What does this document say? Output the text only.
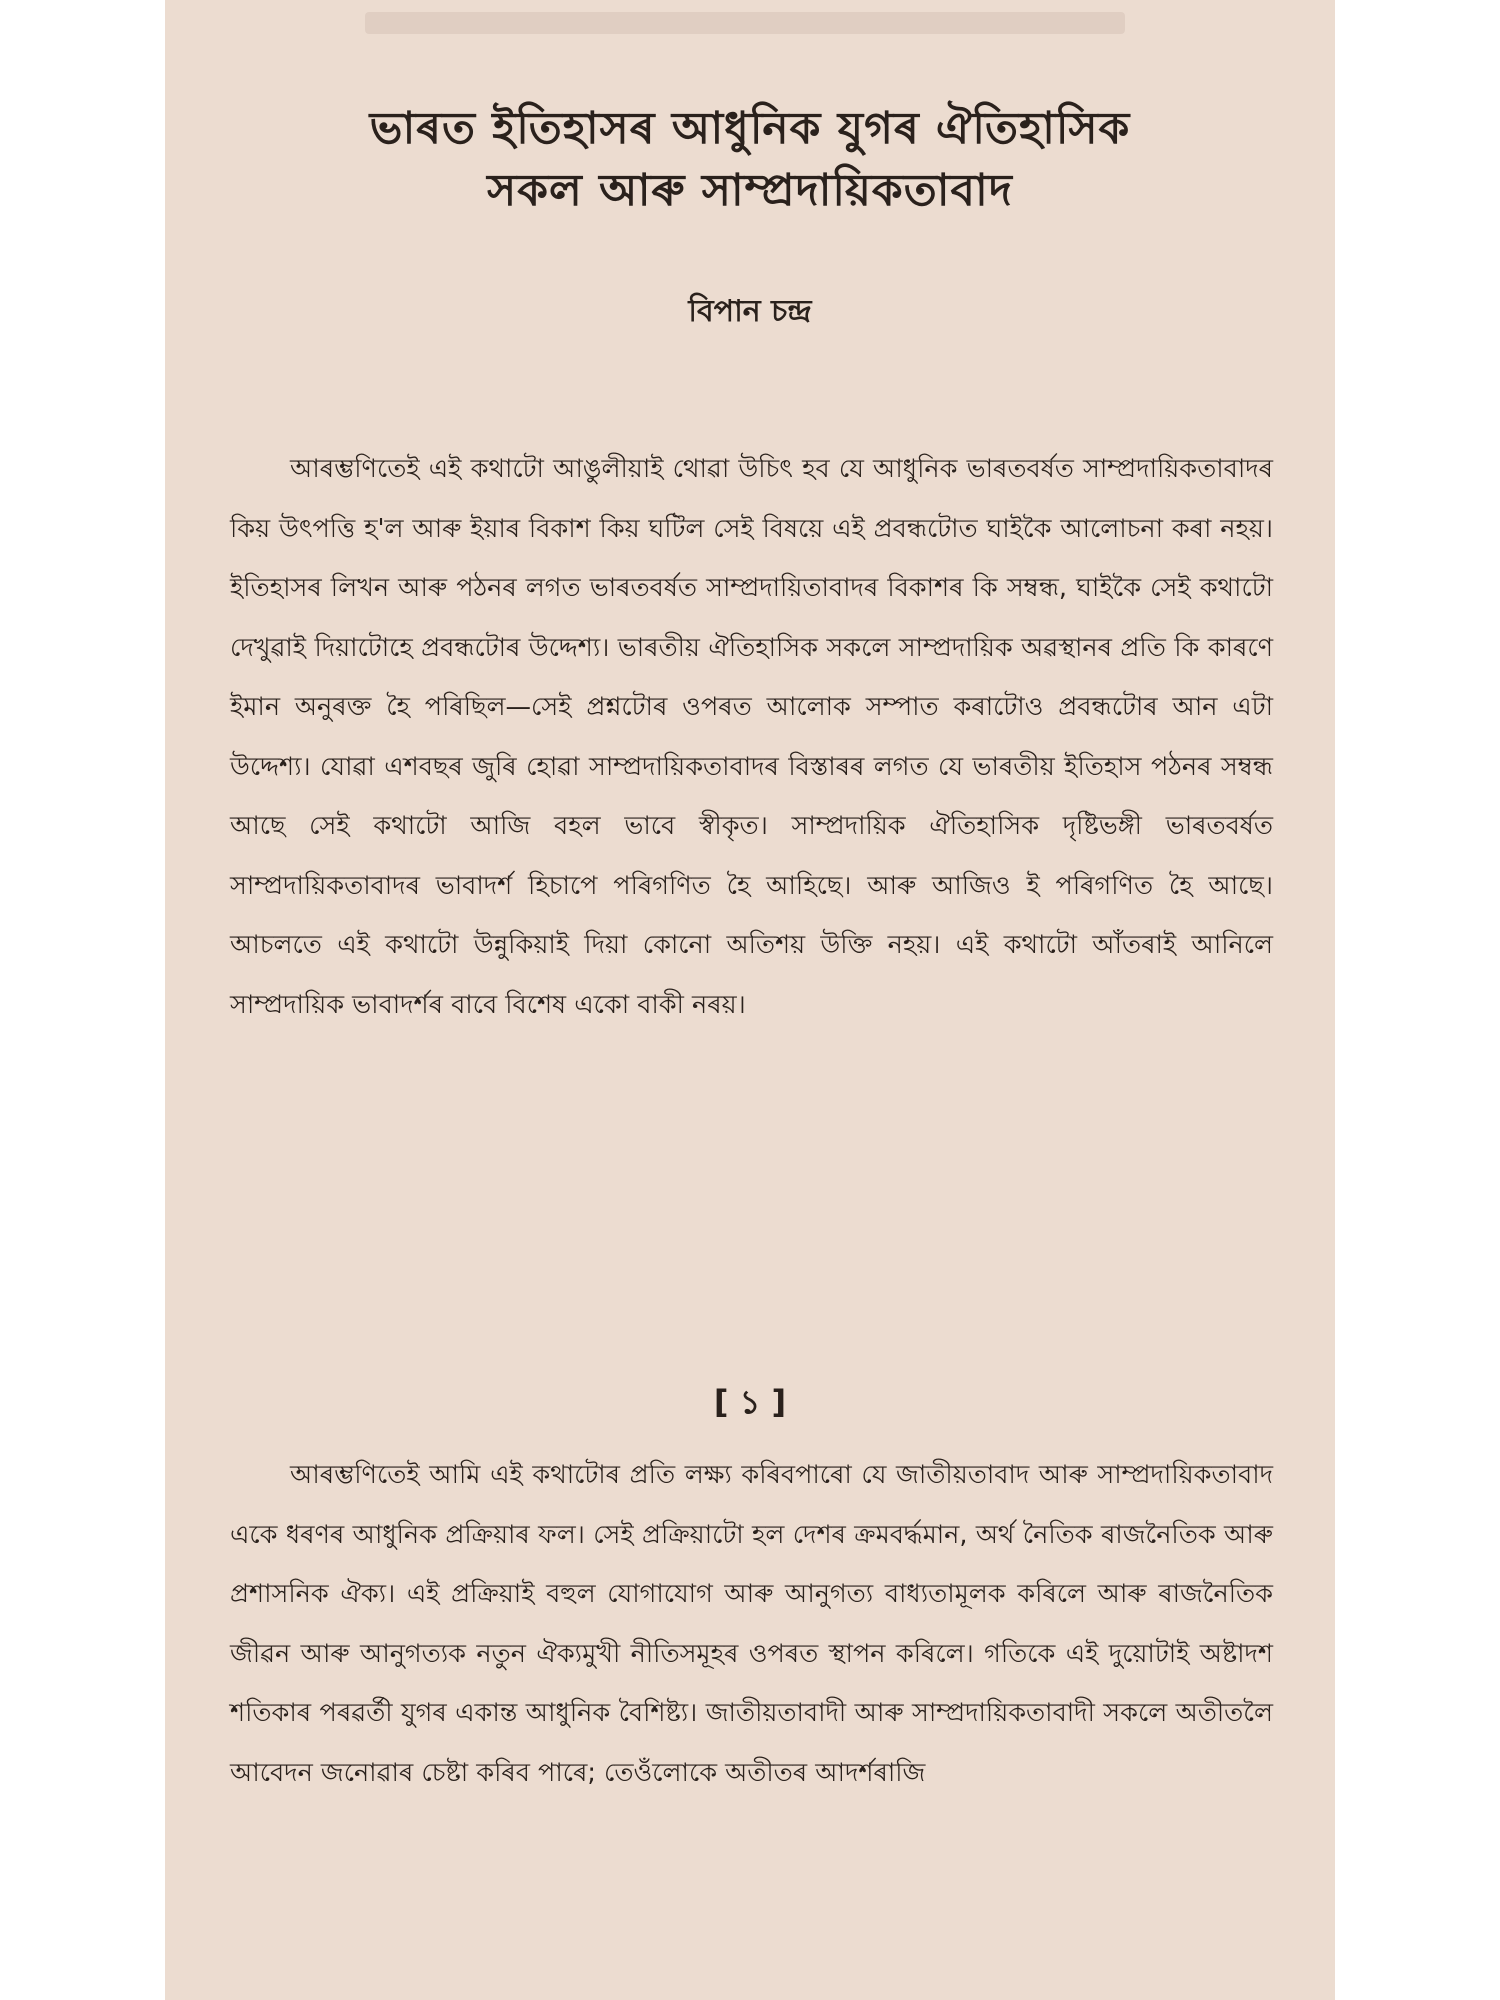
ভাৰত ইতিহাসৰ আধুনিক যুগৰ ঐতিহাসিক
সকল আৰু সাম্প্ৰদায়িকতাবাদ
বিপান চন্দ্ৰ

আৰম্ভণিতেই এই কথাটো আঙুলীয়াই থোৱা উচিৎ হব যে আধুনিক ভাৰতবৰ্ষত সাম্প্ৰদায়িকতাবাদৰ কিয় উৎপত্তি হ'ল আৰু ইয়াৰ বিকাশ কিয় ঘটিল সেই বিষয়ে এই প্ৰবন্ধটোত ঘাইকৈ আলোচনা কৰা নহয়। ইতিহাসৰ লিখন আৰু পঠনৰ লগত ভাৰতবৰ্ষত সাম্প্ৰদায়িতাবাদৰ বিকাশৰ কি সম্বন্ধ, ঘাইকৈ সেই কথাটো দেখুৱাই দিয়াটোহে প্ৰবন্ধটোৰ উদ্দেশ্য। ভাৰতীয় ঐতিহাসিক সকলে সাম্প্ৰদায়িক অৱস্থানৰ প্ৰতি কি কাৰণে ইমান অনুৰক্ত হৈ পৰিছিল—সেই প্ৰশ্নটোৰ ওপৰত আলোক সম্পাত কৰাটোও প্ৰবন্ধটোৰ আন এটা উদ্দেশ্য। যোৱা এশবছৰ জুৰি হোৱা সাম্প্ৰদায়িকতাবাদৰ বিস্তাৰৰ লগত যে ভাৰতীয় ইতিহাস পঠনৰ সম্বন্ধ আছে সেই কথাটো আজি বহল ভাবে স্বীকৃত। সাম্প্ৰদায়িক ঐতিহাসিক দৃষ্টিভঙ্গী ভাৰতবৰ্ষত সাম্প্ৰদায়িকতাবাদৰ ভাবাদৰ্শ হিচাপে পৰিগণিত হৈ আহিছে। আৰু আজিও ই পৰিগণিত হৈ আছে। আচলতে এই কথাটো উন্নুকিয়াই দিয়া কোনো অতিশয় উক্তি নহয়। এই কথাটো আঁতৰাই আনিলে সাম্প্ৰদায়িক ভাবাদৰ্শৰ বাবে বিশেষ একো বাকী নৰয়।

[ ১ ]

আৰম্ভণিতেই আমি এই কথাটোৰ প্ৰতি লক্ষ্য কৰিবপাৰো যে জাতীয়তাবাদ আৰু সাম্প্ৰদায়িকতাবাদ একে ধৰণৰ আধুনিক প্ৰক্ৰিয়াৰ ফল। সেই প্ৰক্ৰিয়াটো হল দেশৰ ক্ৰমবৰ্দ্ধমান, অৰ্থ নৈতিক ৰাজনৈতিক আৰু প্ৰশাসনিক ঐক্য। এই প্ৰক্ৰিয়াই বহুল যোগাযোগ আৰু আনুগত্য বাধ্যতামূলক কৰিলে আৰু ৰাজনৈতিক জীৱন আৰু আনুগত্যক নতুন ঐক্যমুখী নীতিসমূহৰ ওপৰত স্থাপন কৰিলে। গতিকে এই দুয়োটাই অষ্টাদশ শতিকাৰ পৰৱৰ্তী যুগৰ একান্ত আধুনিক বৈশিষ্ট্য। জাতীয়তাবাদী আৰু সাম্প্ৰদায়িকতাবাদী সকলে অতীতলৈ আবেদন জনোৱাৰ চেষ্টা কৰিব পাৰে; তেওঁলোকে অতীতৰ আদৰ্শৰাজি
